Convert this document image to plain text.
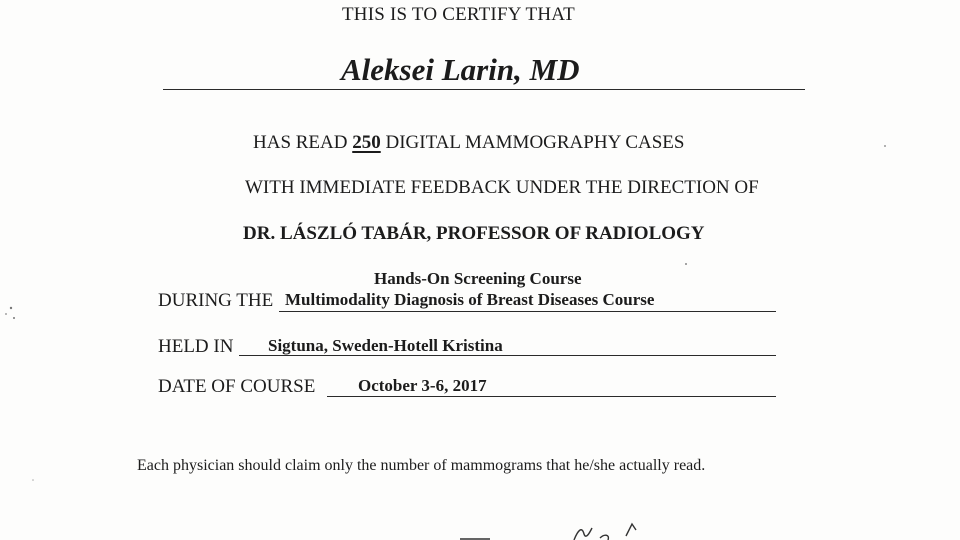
THIS IS TO CERTIFY THAT
Aleksei Larin, MD
HAS READ 250 DIGITAL MAMMOGRAPHY CASES
WITH IMMEDIATE FEEDBACK UNDER THE DIRECTION OF
DR. LÁSZLÓ TABÁR, PROFESSOR OF RADIOLOGY
Hands-On Screening Course
DURING THE Multimodality Diagnosis of Breast Diseases Course
HELD IN Sigtuna, Sweden-Hotell Kristina
DATE OF COURSE	October 3-6, 2017
Each physician should claim only the number of mammograms that he/she actually read.
